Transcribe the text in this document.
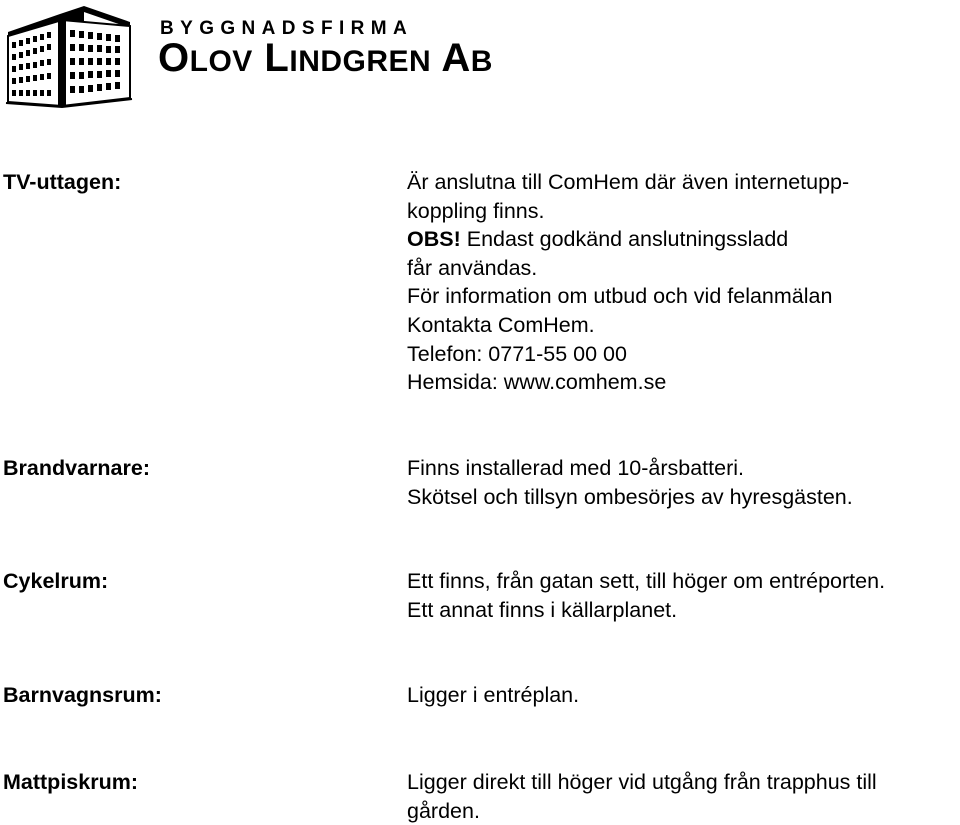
BYGGNADSFIRMA
OLOV LINDGREN AB
TV-uttagen:	Är anslutna till ComHem där även internetupp-
koppling finns.
OBS! Endast godkänd anslutningssladd
får användas.
För information om utbud och vid felanmälan
Kontakta ComHem.
Telefon: 0771-55 00 00
Hemsida: www.comhem.se
Brandvarnare:	Finns installerad med 10-årsbatteri.
Skötsel och tillsyn ombesörjes av hyresgästen.
Cykelrum:	Ett finns, från gatan sett, till höger om entréporten.
Ett annat finns i källarplanet.
Barnvagnsrum:	Ligger i entréplan.
Mattpiskrum:	Ligger direkt till höger vid utgång från trapphus till
gården.
